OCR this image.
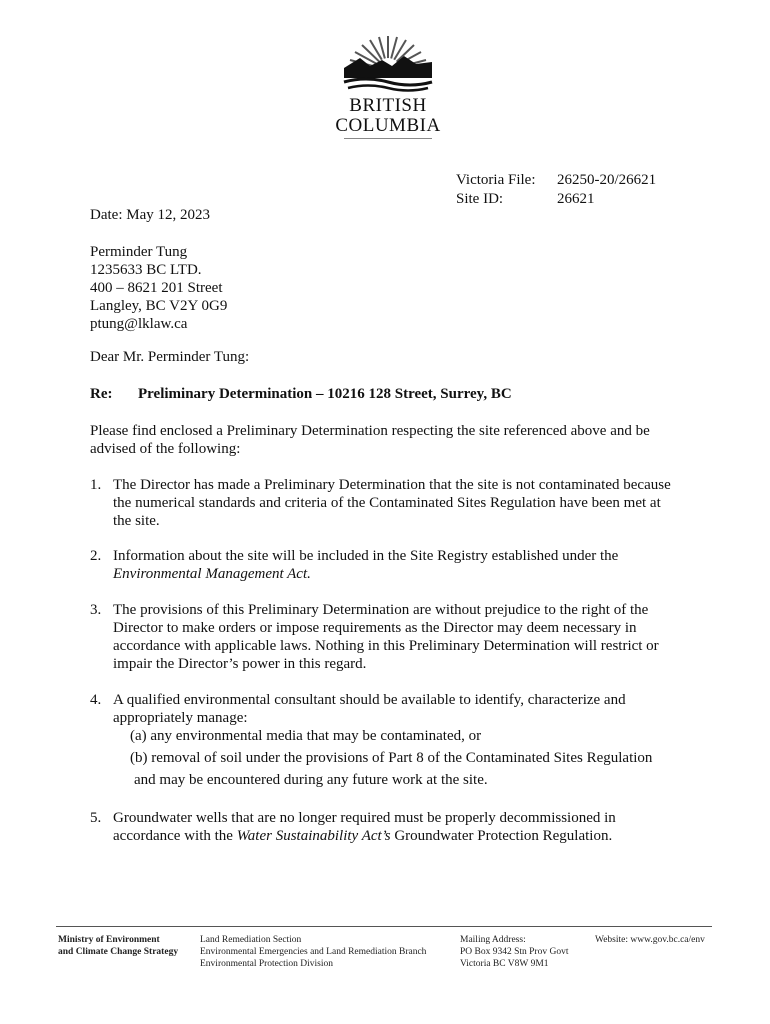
BRITISH
COLUMBIA
Victoria File:	26250-20/26621
Site ID:	26621
Date: May 12, 2023
Perminder Tung
1235633 BC LTD.
400 – 8621 201 Street
Langley, BC V2Y 0G9
ptung@lklaw.ca
Dear Mr. Perminder Tung:
Re: Preliminary Determination – 10216 128 Street, Surrey, BC
Please find enclosed a Preliminary Determination respecting the site referenced above and be advised of the following:
1. The Director has made a Preliminary Determination that the site is not contaminated because the numerical standards and criteria of the Contaminated Sites Regulation have been met at the site.
2. Information about the site will be included in the Site Registry established under the
Environmental Management Act.
3. The provisions of this Preliminary Determination are without prejudice to the right of the Director to make orders or impose requirements as the Director may deem necessary in accordance with applicable laws. Nothing in this Preliminary Determination will restrict or impair the Director’s power in this regard.
4. A qualified environmental consultant should be available to identify, characterize and appropriately manage:
(a) any environmental media that may be contaminated, or
(b) removal of soil under the provisions of Part 8 of the Contaminated Sites Regulation
and may be encountered during any future work at the site.
5. Groundwater wells that are no longer required must be properly decommissioned in accordance with the Water Sustainability Act’s Groundwater Protection Regulation.
Ministry of Environment
and Climate Change Strategy
Land Remediation Section
Environmental Emergencies and Land Remediation Branch
Environmental Protection Division
Mailing Address:
PO Box 9342 Stn Prov Govt
Victoria BC V8W 9M1
Website: www.gov.bc.ca/env
